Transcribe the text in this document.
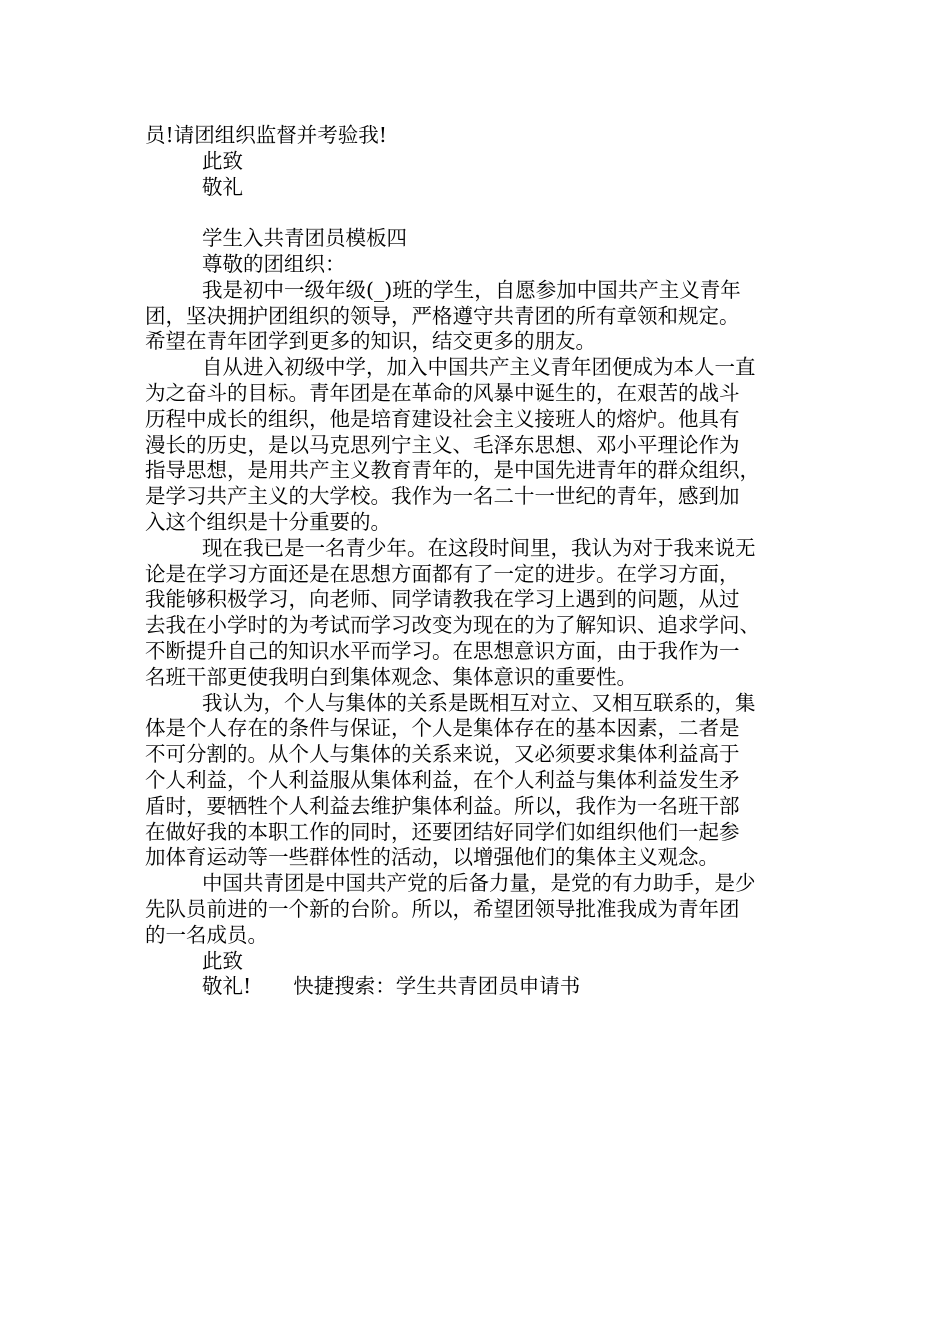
员!请团组织监督并考验我!
此致
敬礼
学生入共青团员模板四
尊敬的团组织：
我是初中一级年级(_)班的学生，自愿参加中国共产主义青年
团，坚决拥护团组织的领导，严格遵守共青团的所有章领和规定。
希望在青年团学到更多的知识，结交更多的朋友。
自从进入初级中学，加入中国共产主义青年团便成为本人一直
为之奋斗的目标。青年团是在革命的风暴中诞生的，在艰苦的战斗
历程中成长的组织，他是培育建设社会主义接班人的熔炉。他具有
漫长的历史，是以马克思列宁主义、毛泽东思想、邓小平理论作为
指导思想，是用共产主义教育青年的，是中国先进青年的群众组织，
是学习共产主义的大学校。我作为一名二十一世纪的青年，感到加
入这个组织是十分重要的。
现在我已是一名青少年。在这段时间里，我认为对于我来说无
论是在学习方面还是在思想方面都有了一定的进步。在学习方面，
我能够积极学习，向老师、同学请教我在学习上遇到的问题，从过
去我在小学时的为考试而学习改变为现在的为了解知识、追求学问、
不断提升自己的知识水平而学习。在思想意识方面，由于我作为一
名班干部更使我明白到集体观念、集体意识的重要性。
我认为，个人与集体的关系是既相互对立、又相互联系的，集
体是个人存在的条件与保证，个人是集体存在的基本因素，二者是
不可分割的。从个人与集体的关系来说，又必须要求集体利益高于
个人利益，个人利益服从集体利益，在个人利益与集体利益发生矛
盾时，要牺牲个人利益去维护集体利益。所以，我作为一名班干部
在做好我的本职工作的同时，还要团结好同学们如组织他们一起参
加体育运动等一些群体性的活动，以增强他们的集体主义观念。
中国共青团是中国共产党的后备力量，是党的有力助手，是少
先队员前进的一个新的台阶。所以，希望团领导批准我成为青年团
的一名成员。
此致
敬礼! 快捷搜索：学生共青团员申请书
